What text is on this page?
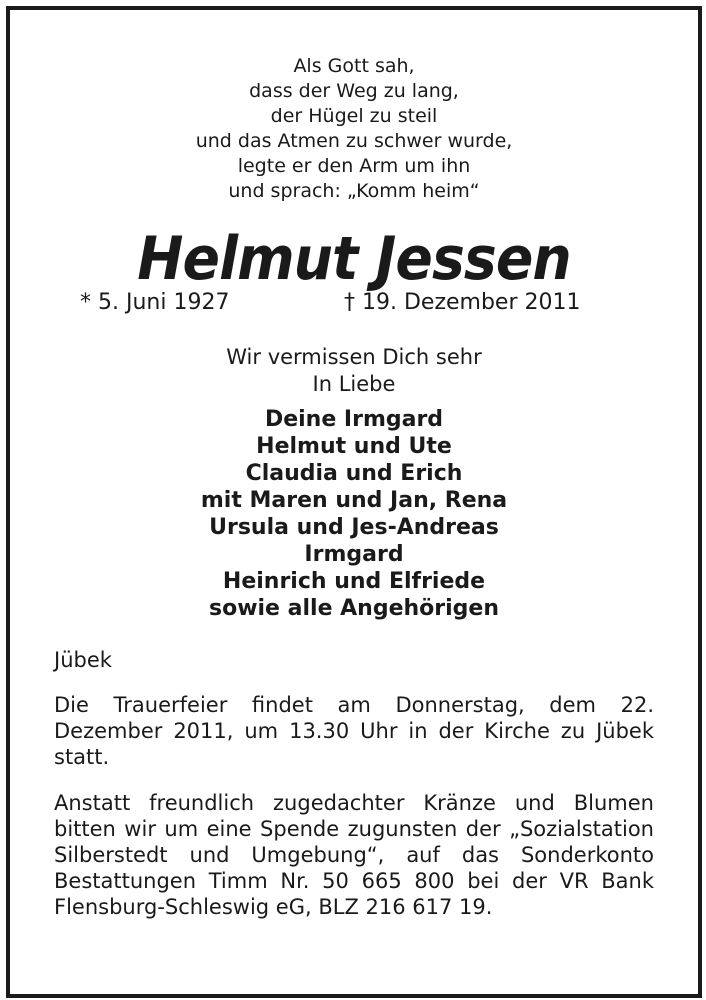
Als Gott sah,
dass der Weg zu lang,
der Hügel zu steil
und das Atmen zu schwer wurde,
legte er den Arm um ihn
und sprach: „Komm heim“
Helmut Jessen
* 5. Juni 1927	† 19. Dezember 2011
Wir vermissen Dich sehr
In Liebe
Deine Irmgard
Helmut und Ute
Claudia und Erich
mit Maren und Jan, Rena
Ursula und Jes-Andreas
Irmgard
Heinrich und Elfriede
sowie alle Angehörigen
Jübek
Die Trauerfeier findet am Donnerstag, dem 22. Dezember 2011, um 13.30 Uhr in der Kirche zu Jübek statt.
Anstatt freundlich zugedachter Kränze und Blumen bitten wir um eine Spende zugunsten der „Sozialstation Silberstedt und Umgebung“, auf das Sonderkonto Bestattungen Timm Nr. 50 665 800 bei der VR Bank Flensburg-Schleswig eG, BLZ 216 617 19.
